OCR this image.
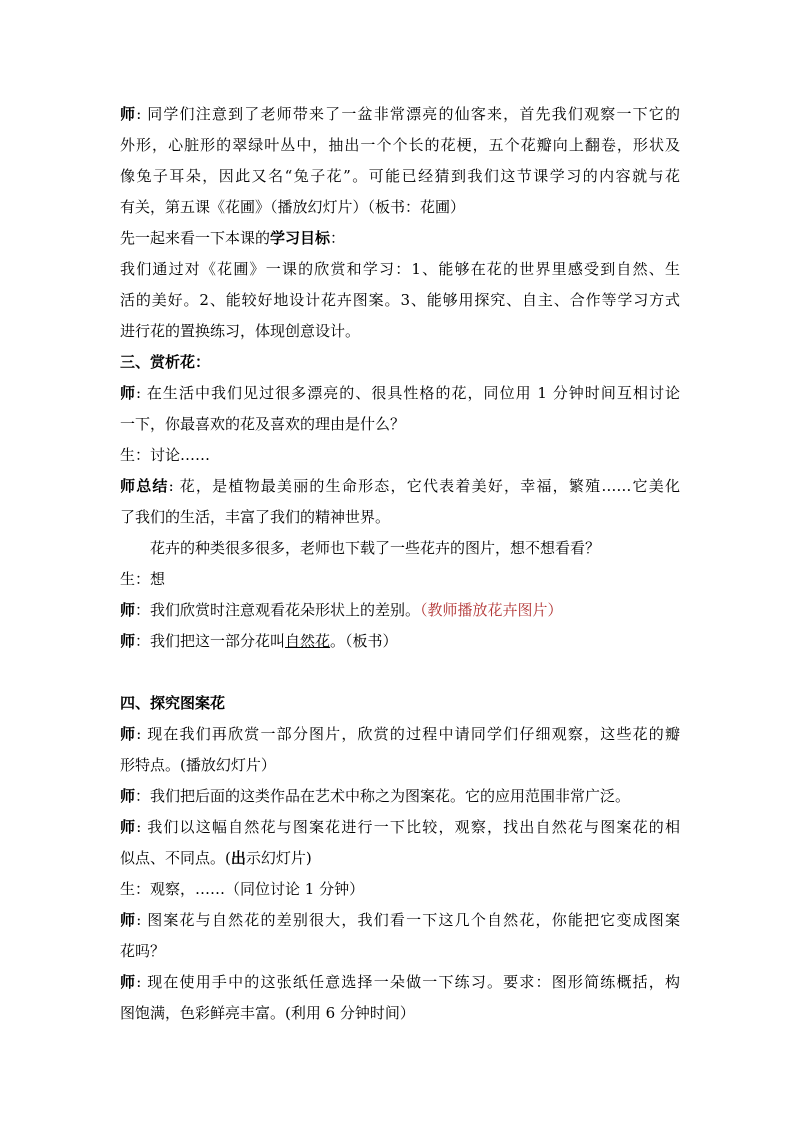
师: 同学们注意到了老师带来了一盆非常漂亮的仙客来，首先我们观察一下它的
外形，心脏形的翠绿叶丛中，抽出一个个长的花梗，五个花瓣向上翻卷，形状及
像兔子耳朵，因此又名“兔子花”。可能已经猜到我们这节课学习的内容就与花
有关，第五课《花圃》（播放幻灯片）（板书：花圃）
先一起来看一下本课的学习目标：
我们通过对《花圃》一课的欣赏和学习：1、能够在花的世界里感受到自然、生
活的美好。2、能较好地设计花卉图案。3、能够用探究、自主、合作等学习方式
进行花的置换练习，体现创意设计。
三、赏析花：
师: 在生活中我们见过很多漂亮的、很具性格的花，同位用 1 分钟时间互相讨论
一下，你最喜欢的花及喜欢的理由是什么？
生：讨论……
师总结: 花，是植物最美丽的生命形态，它代表着美好，幸福，繁殖……它美化
了我们的生活，丰富了我们的精神世界。
花卉的种类很多很多，老师也下载了一些花卉的图片，想不想看看？
生：想
师：我们欣赏时注意观看花朵形状上的差别。（教师播放花卉图片）
师：我们把这一部分花叫自然花。（板书）
四、探究图案花
师: 现在我们再欣赏一部分图片，欣赏的过程中请同学们仔细观察，这些花的瓣
形特点。(播放幻灯片）
师：我们把后面的这类作品在艺术中称之为图案花。它的应用范围非常广泛。
师: 我们以这幅自然花与图案花进行一下比较，观察，找出自然花与图案花的相
似点、不同点。(出示幻灯片)
生：观察，……（同位讨论 1 分钟）
师: 图案花与自然花的差别很大，我们看一下这几个自然花，你能把它变成图案
花吗？
师: 现在使用手中的这张纸任意选择一朵做一下练习。要求：图形简练概括，构
图饱满，色彩鲜亮丰富。(利用 6 分钟时间）
